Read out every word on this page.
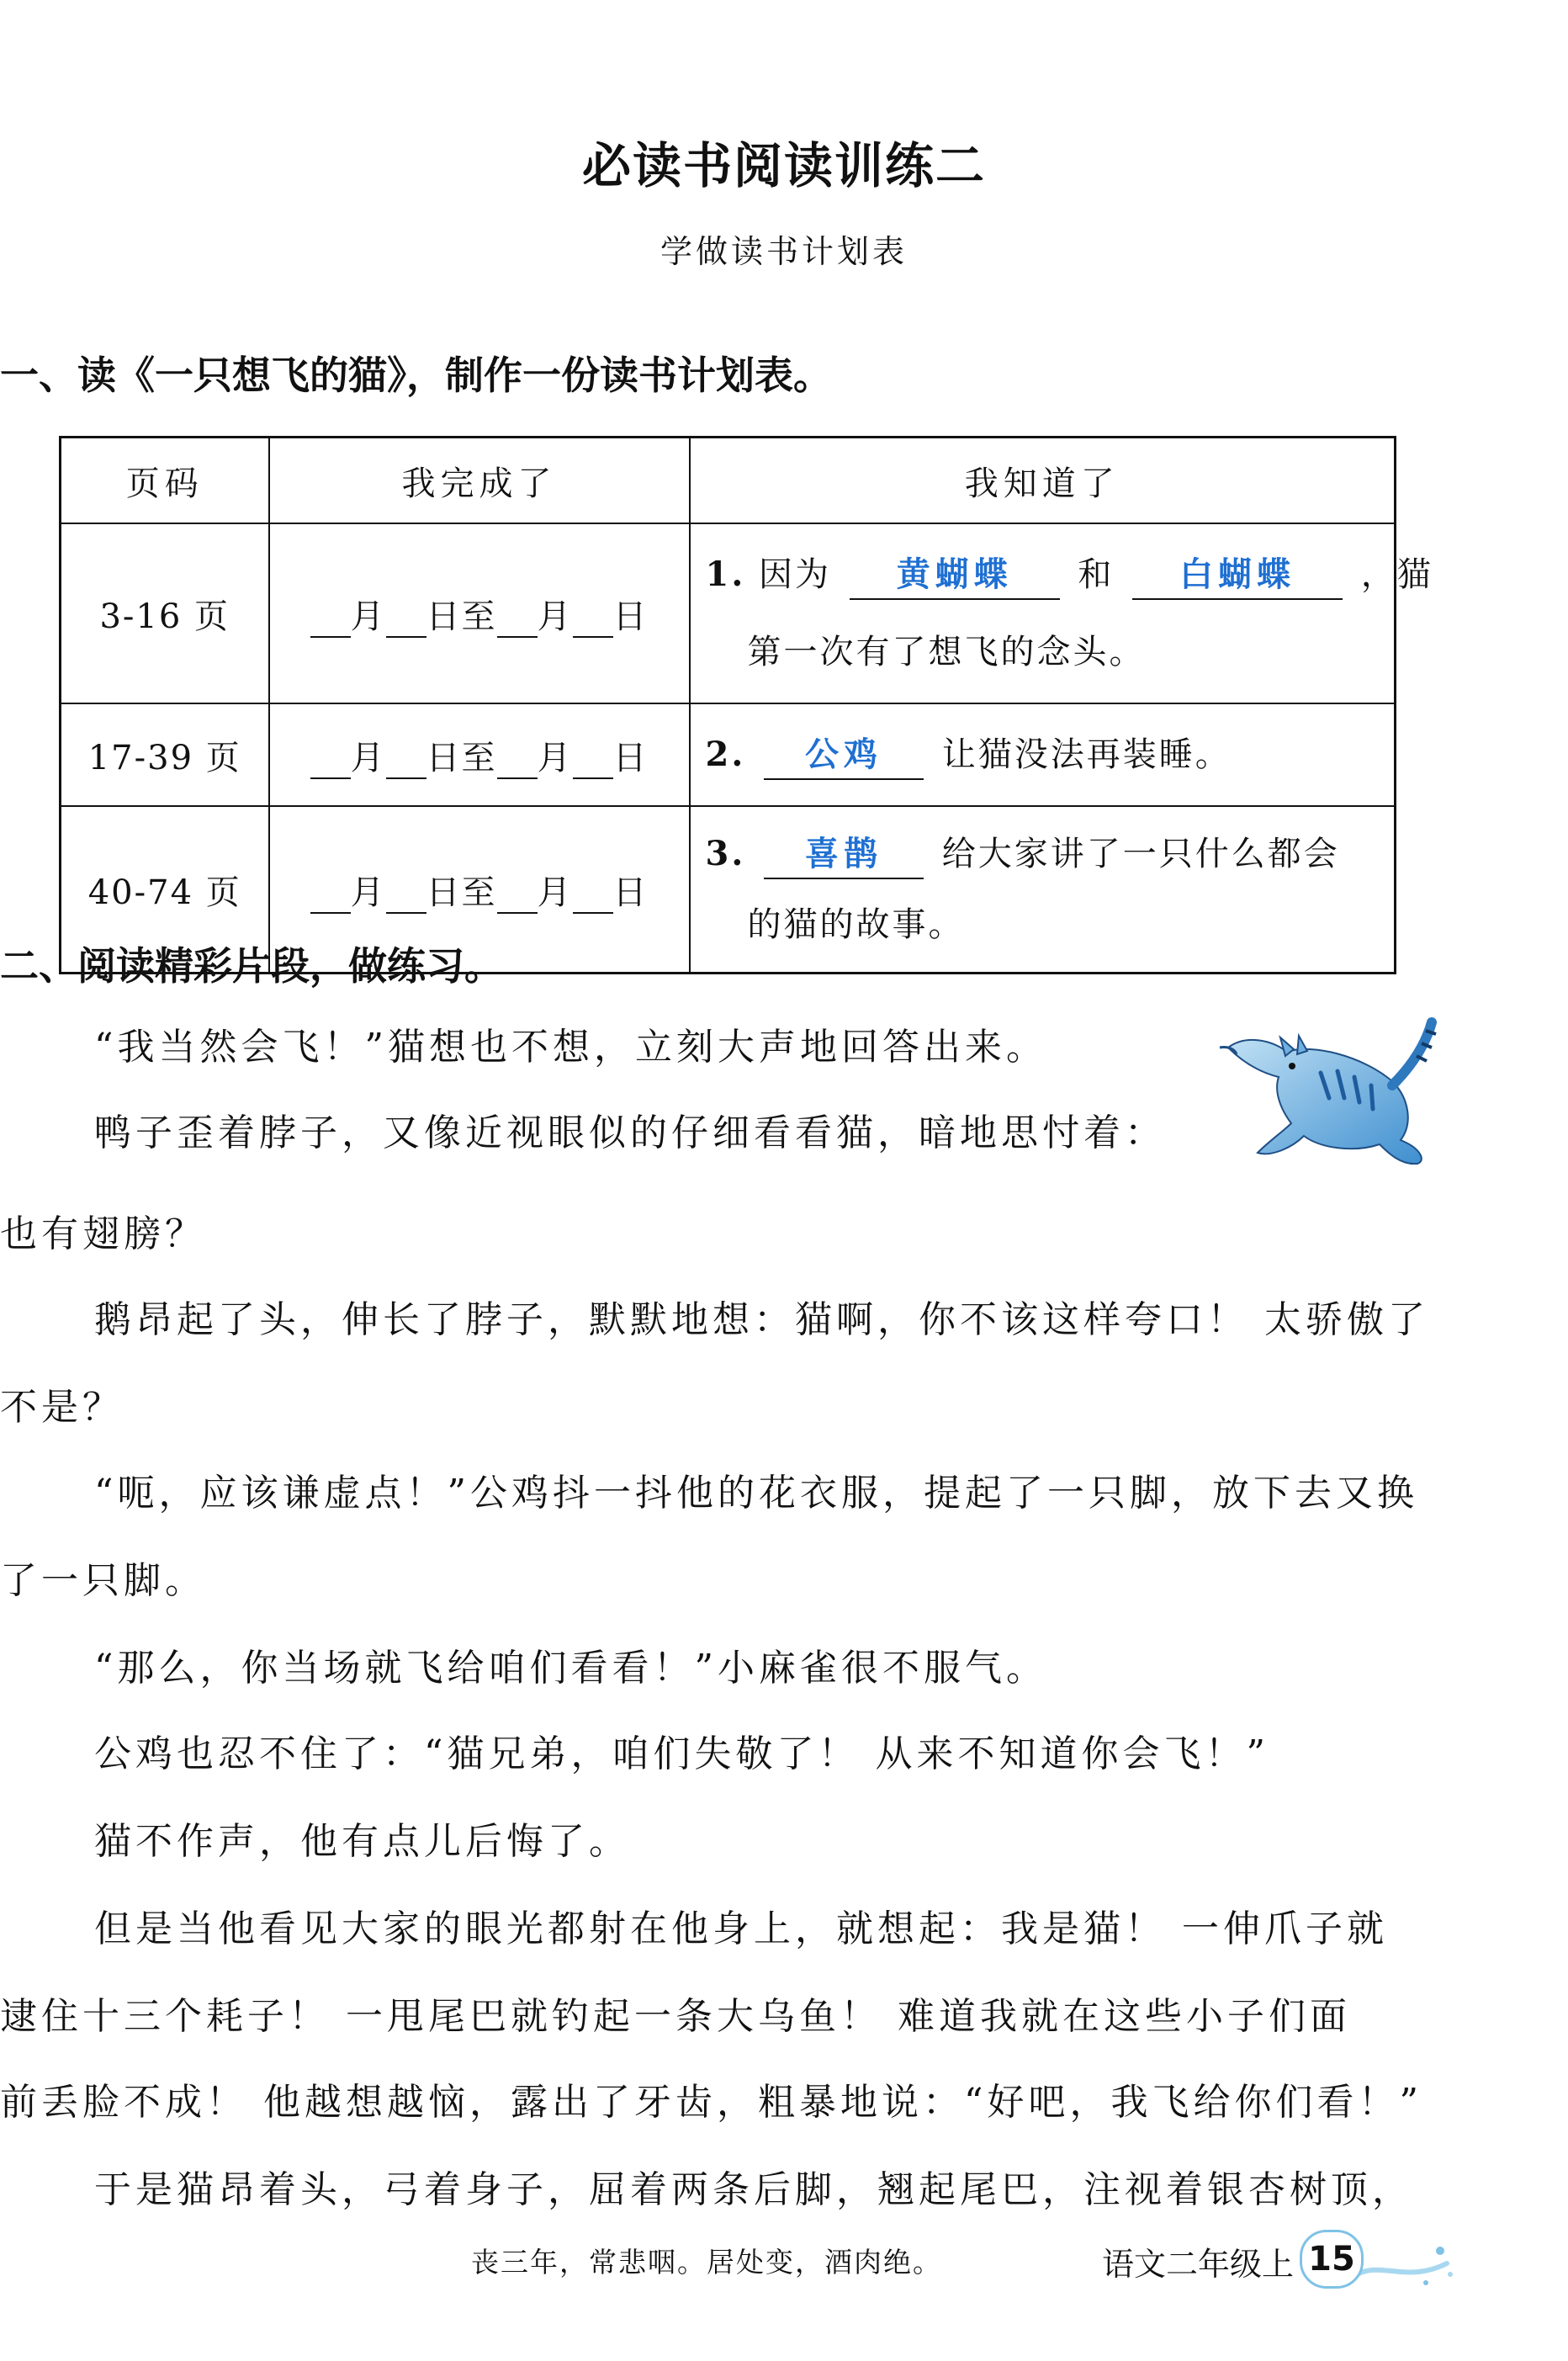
必读书阅读训练二
学做读书计划表
一、读《一只想飞的猫》，制作一份读书计划表。
页码	我完成了	我知道了
3-16 页	月 日至 月 日	1. 因为 黄蝴蝶 和 白蝴蝶 ，猫
第一次有了想飞的念头。

17-39 页	月 日至 月 日	2. 公鸡 让猫没法再装睡。
40-74 页	月 日至 月 日	3. 喜鹊 给大家讲了一只什么都会
的猫的故事。
二、阅读精彩片段，做练习。
“我当然会飞！”猫想也不想，立刻大声地回答出来。
鸭子歪着脖子，又像近视眼似的仔细看看猫，暗地思忖着：
也有翅膀？
鹅昂起了头，伸长了脖子，默默地想：猫啊，你不该这样夸口！ 太骄傲了
不是？
“呃，应该谦虚点！”公鸡抖一抖他的花衣服，提起了一只脚，放下去又换
了一只脚。
“那么，你当场就飞给咱们看看！”小麻雀很不服气。
公鸡也忍不住了：“猫兄弟，咱们失敬了！ 从来不知道你会飞！”
猫不作声，他有点儿后悔了。
但是当他看见大家的眼光都射在他身上，就想起：我是猫！ 一伸爪子就
逮住十三个耗子！ 一甩尾巴就钓起一条大乌鱼！ 难道我就在这些小子们面
前丢脸不成！ 他越想越恼，露出了牙齿，粗暴地说：“好吧，我飞给你们看！”
于是猫昂着头，弓着身子，屈着两条后脚，翘起尾巴，注视着银杏树顶，
丧三年，常悲咽。居处变，酒肉绝。	语文二年级上 15
